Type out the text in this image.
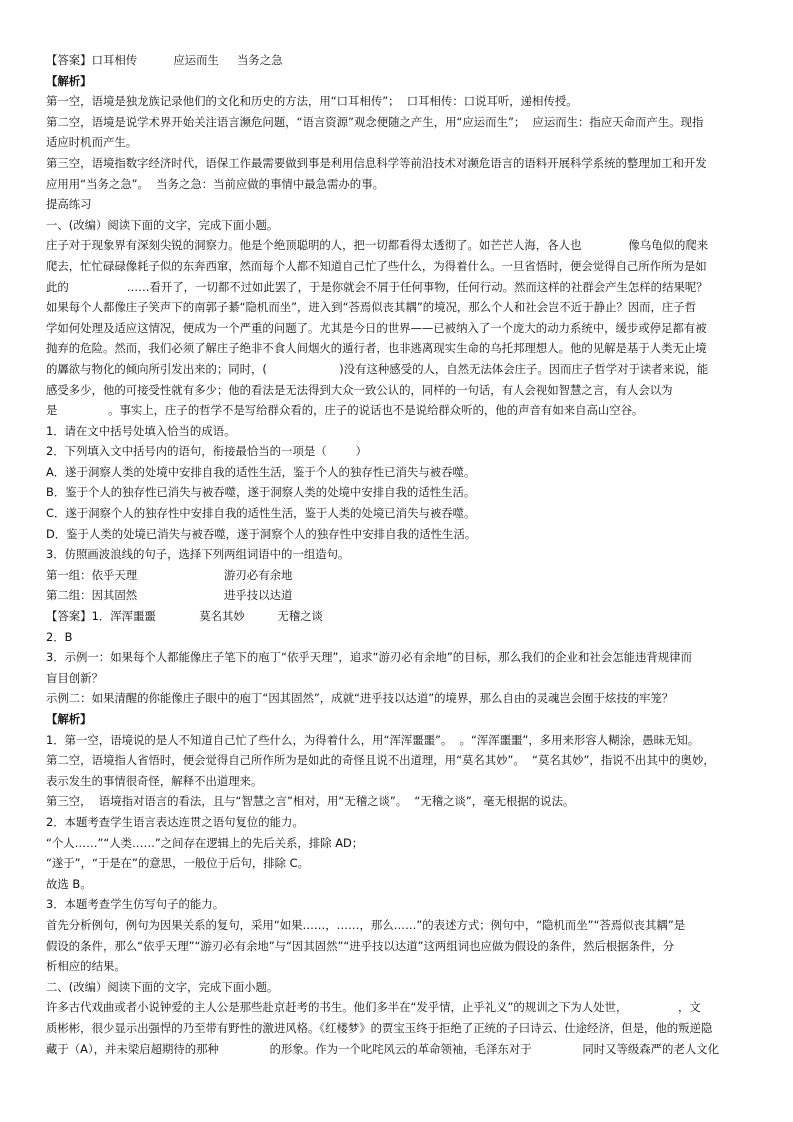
【答案】口耳相传          应运而生     当务之急
【解析】
第一空，语境是独龙族记录他们的文化和历史的方法，用“口耳相传”；  口耳相传：口说耳听，递相传授。
第二空，语境是说学术界开始关注语言濒危问题，“语言资源”观念便随之产生，用“应运而生”；  应运而生：指应天命而产生。现指
适应时机而产生。
第三空，语境指数字经济时代，语保工作最需要做到事是利用信息科学等前沿技术对濒危语言的语料开展科学系统的整理加工和开发
应用用“当务之急”。  当务之急：当前应做的事情中最急需办的事。
提高练习
一、(改编）阅读下面的文字，完成下面小题。
庄子对于现象界有深刻尖锐的洞察力。他是个绝顶聪明的人，把一切都看得太透彻了。如芒芒人海，各人也             像乌龟似的爬来
爬去，忙忙碌碌像耗子似的东奔西窜，然而每个人都不知道自己忙了些什么，为得着什么。一旦省悟时，便会觉得自己所作所为是如
此的                ……看开了，一切都不过如此罢了，于是你就会不屑于任何事物，任何行动。然而这样的社群会产生怎样的结果呢？
如果每个人都像庄子笑声下的南郭子綦“隐机而坐”，进入到“荅焉似丧其耦”的境况，那么个人和社会岂不近于静止？因而，庄子哲
学如何处理及适应这情况，便成为一个严重的问题了。尤其是今日的世界——已被纳入了一个庞大的动力系统中，缓步或停足都有被
抛弃的危险。然而，我们必须了解庄子绝非不食人间烟火的遁行者，也非逃离现实生命的乌托邦理想人。他的见解是基于人类无止境
的羼欲与物化的倾向所引发出来的；同时，(                    )没有这种感受的人，自然无法体会庄子。因而庄子哲学对于读者来说，能
感受多少，他的可接受性就有多少；他的看法是无法得到大众一致公认的，同样的一句话，有人会视如智慧之言，有人会以为
是              。事实上，庄子的哲学不是写给群众看的，庄子的说话也不是说给群众听的，他的声音有如来自高山空谷。
1．请在文中括号处填入恰当的成语。
2．下列填入文中括号内的语句，衔接最恰当的一项是（        ）
A．遂于洞察人类的处境中安排自我的适性生活，鉴于个人的独存性已消失与被吞噬。
B．鉴于个人的独存性已消失与被吞噬，遂于洞察人类的处境中安排自我的适性生活。
C．遂于洞察个人的独存性中安排自我的适性生活，鉴于人类的处境已消失与被吞噬。
D．鉴于人类的处境已消失与被吞噬，遂于洞察个人的独存性中安排自我的适性生活。
3．仿照画波浪线的句子，选择下列两组词语中的一组造句。
第一组：依乎天理                        游刃必有余地
第二组：因其固然                        进乎技以达道
【答案】1．浑浑噩噩            莫名其妙         无稽之谈
2．B
3．示例一：如果每个人都能像庄子笔下的庖丁“依乎天理”，追求“游刃必有余地”的目标，那么我们的企业和社会怎能违背规律而
盲目创新？
示例二：如果清醒的你能像庄子眼中的庖丁“因其固然”，成就“进乎技以达道”的境界，那么自由的灵魂岂会囿于炫技的牢笼？
【解析】
1．第一空，语境说的是人不知道自己忙了些什么，为得着什么，用“浑浑噩噩”。  。“浑浑噩噩”，多用来形容人糊涂，愚昧无知。
第二空，语境指人省悟时，便会觉得自己所作所为是如此的奇怪且说不出道理，用“莫名其妙”。  “莫名其妙”，指说不出其中的奥妙，
表示发生的事情很奇怪，解释不出道理来。
第三空，  语境指对语言的看法，且与“智慧之言”相对，用“无稽之谈”。  “无稽之谈”，毫无根据的说法。
2．本题考查学生语言表达连贯之语句复位的能力。
“个人……”“人类……”之间存在逻辑上的先后关系，排除 AD；
“遂于”，“于是在”的意思，一般位于后句，排除 C。
故选 B。
3．本题考查学生仿写句子的能力。
首先分析例句，例句为因果关系的复句，采用“如果……，……，那么……”的表述方式；例句中，“隐机而坐”“荅焉似丧其耦”是
假设的条件，那么“依乎天理”“游刃必有余地”与“因其固然”“进乎技以达道”这两组词也应做为假设的条件，然后根据条件，分
析相应的结果。
二、(改编）阅读下面的文字，完成下面小题。
许多古代戏曲或者小说钟爱的主人公是那些赴京赶考的书生。他们多半在“发乎情，止乎礼义”的规训之下为人处世，              ，文
质彬彬，很少显示出强悍的乃至带有野性的激进风格。《红楼梦》的贾宝玉终于拒绝了正统的子曰诗云、仕途经济，但是，他的叛逆隐
藏于（A），并未梁启超期待的那种              的形象。作为一个叱咤风云的革命领袖，毛泽东对于              同时又等级森严的老人文化
